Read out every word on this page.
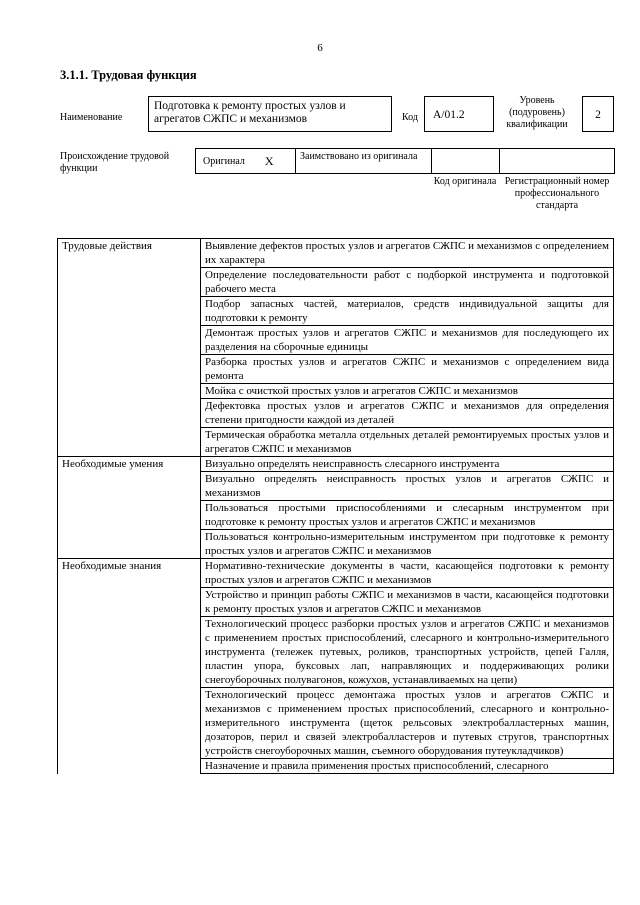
6
3.1.1. Трудовая функция
Наименование
Подготовка к ремонту простых узлов и агрегатов СЖПС и механизмов	Код	А/01.2
Уровень (подуровень) квалификации
2
Происхождение трудовой функции
Оригинал X	Заимствовано из оригинала
Код оригинала Регистрационный номер профессионального стандарта
Трудовые действия	Выявление дефектов простых узлов и агрегатов СЖПС и механизмов с определением их характера
	Определение последовательности работ с подборкой инструмента и подготовкой рабочего места
	Подбор запасных частей, материалов, средств индивидуальной защиты для подготовки к ремонту
	Демонтаж простых узлов и агрегатов СЖПС и механизмов для последующего их разделения на сборочные единицы
	Разборка простых узлов и агрегатов СЖПС и механизмов с определением вида ремонта
	Мойка с очисткой простых узлов и агрегатов СЖПС и механизмов
	Дефектовка простых узлов и агрегатов СЖПС и механизмов для определения степени пригодности каждой из деталей
	Термическая обработка металла отдельных деталей ремонтируемых простых узлов и агрегатов СЖПС и механизмов
Необходимые умения	Визуально определять неисправность слесарного инструмента
	Визуально определять неисправность простых узлов и агрегатов СЖПС и механизмов
	Пользоваться простыми приспособлениями и слесарным инструментом при подготовке к ремонту простых узлов и агрегатов СЖПС и механизмов
	Пользоваться контрольно-измерительным инструментом при подготовке к ремонту простых узлов и агрегатов СЖПС и механизмов
Необходимые знания	Нормативно-технические документы в части, касающейся подготовки к ремонту простых узлов и агрегатов СЖПС и механизмов
	Устройство и принцип работы СЖПС и механизмов в части, касающейся подготовки к ремонту простых узлов и агрегатов СЖПС и механизмов
	Технологический процесс разборки простых узлов и агрегатов СЖПС и механизмов с применением простых приспособлений, слесарного и контрольно-измерительного инструмента (тележек путевых, роликов, транспортных устройств, цепей Галля, пластин упора, буксовых лап, направляющих и поддерживающих ролики снегоуборочных полувагонов, кожухов, устанавливаемых на цепи)
	Технологический процесс демонтажа простых узлов и агрегатов СЖПС и механизмов с применением простых приспособлений, слесарного и контрольно-измерительного инструмента (щеток рельсовых электробалластерных машин, дозаторов, перил и связей электробалластеров и путевых стругов, транспортных устройств снегоуборочных машин, съемного оборудования путеукладчиков)
	Назначение и правила применения простых приспособлений, слесарного
